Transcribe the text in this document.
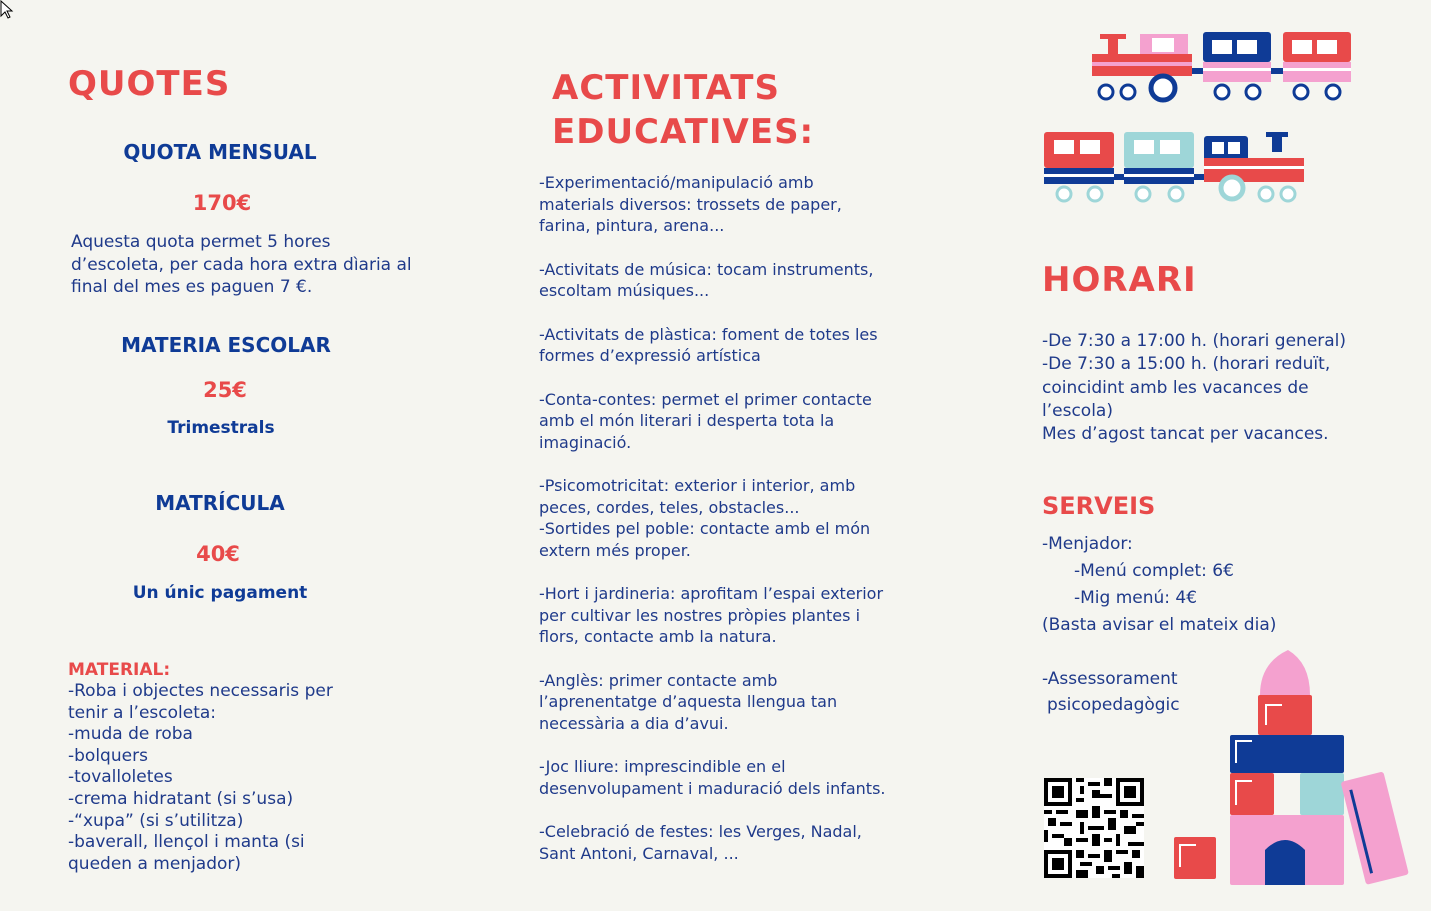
QUOTES
QUOTA MENSUAL
170€
Aquesta quota permet 5 hores d’escoleta, per cada hora extra dìaria al final del mes es paguen 7 €.
MATERIA ESCOLAR
25€
Trimestrals
MATRÍCULA
40€
Un únic pagament
MATERIAL:
-Roba i objectes necessaris per
tenir a l’escoleta:
-muda de roba
-bolquers
-tovalloletes
-crema hidratant (si s’usa)
-“xupa” (si s’utilitza)
-baverall, llençol i manta (si
queden a menjador)
ACTIVITATS
EDUCATIVES:
-Experimentació/manipulació amb materials diversos: trossets de paper, farina, pintura, arena...
-Activitats de música: tocam instruments, escoltam músiques...
-Activitats de plàstica: foment de totes les formes d’expressió artística
-Conta-contes: permet el primer contacte amb el món literari i desperta tota la imaginació.
-Psicomotricitat: exterior i interior, amb peces, cordes, teles, obstacles...
-Sortides pel poble: contacte amb el món extern més proper.
-Hort i jardineria: aprofitam l’espai exterior per cultivar les nostres pròpies plantes i flors, contacte amb la natura.
-Anglès: primer contacte amb l’aprenentatge d’aquesta llengua tan necessària a dia d’avui.
-Joc lliure: imprescindible en el desenvolupament i maduració dels infants.
-Celebració de festes: les Verges, Nadal, Sant Antoni, Carnaval, ...
HORARI
-De 7:30 a 17:00 h. (horari general)
-De 7:30 a 15:00 h. (horari reduït, coincidint amb les vacances de l’escola)
Mes d’agost tancat per vacances.
SERVEIS
-Menjador:
-Menú complet: 6€
-Mig menú: 4€
(Basta avisar el mateix dia)
-Assessorament
psicopedagògic
